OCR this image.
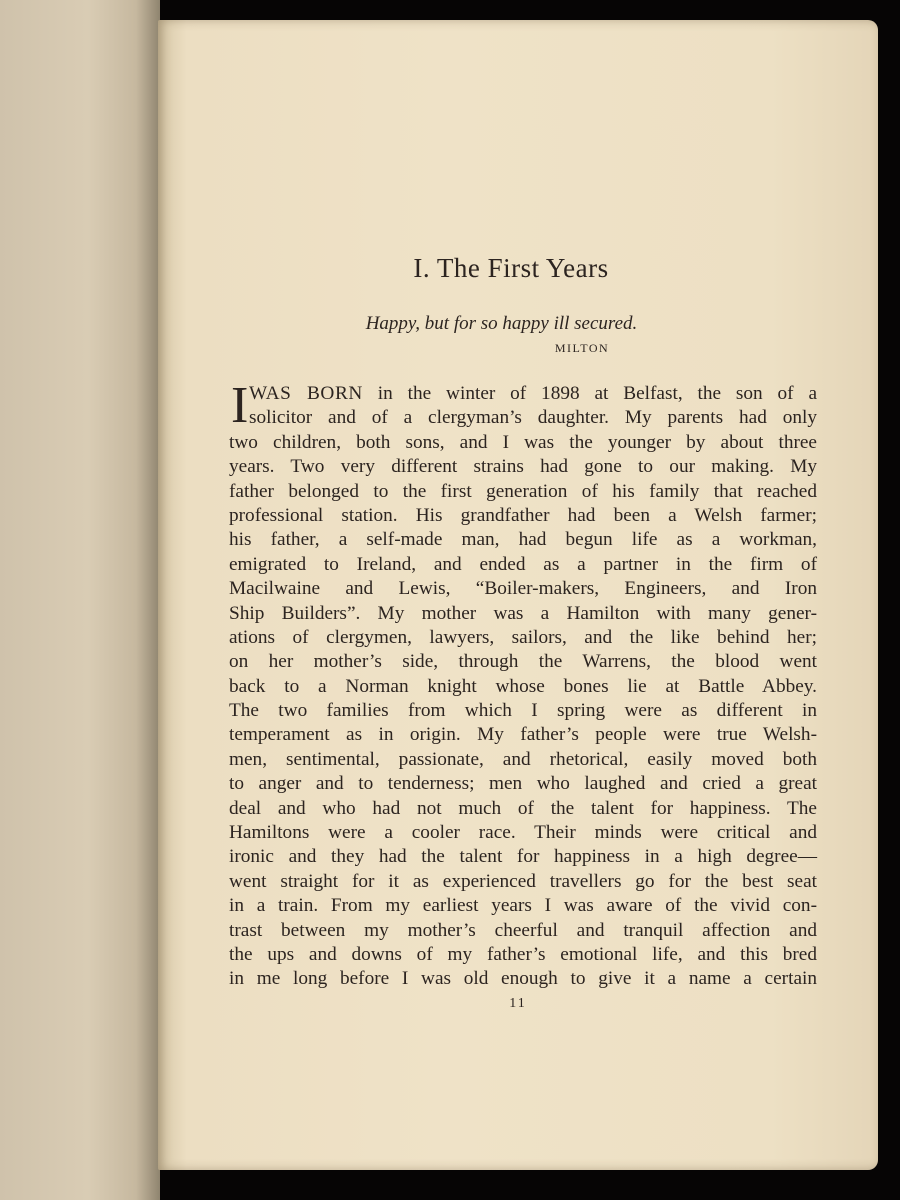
I. The First Years
Happy, but for so happy ill secured.
MILTON
I WAS BORN in the winter of 1898 at Belfast, the son of a
solicitor and of a clergyman’s daughter. My parents had only
two children, both sons, and I was the younger by about three
years. Two very different strains had gone to our making. My
father belonged to the first generation of his family that reached
professional station. His grandfather had been a Welsh farmer;
his father, a self-made man, had begun life as a workman,
emigrated to Ireland, and ended as a partner in the firm of
Macilwaine and Lewis, “Boiler-makers, Engineers, and Iron
Ship Builders”. My mother was a Hamilton with many gener-
ations of clergymen, lawyers, sailors, and the like behind her;
on her mother’s side, through the Warrens, the blood went
back to a Norman knight whose bones lie at Battle Abbey.
The two families from which I spring were as different in
temperament as in origin. My father’s people were true Welsh-
men, sentimental, passionate, and rhetorical, easily moved both
to anger and to tenderness; men who laughed and cried a great
deal and who had not much of the talent for happiness. The
Hamiltons were a cooler race. Their minds were critical and
ironic and they had the talent for happiness in a high degree—
went straight for it as experienced travellers go for the best seat
in a train. From my earliest years I was aware of the vivid con-
trast between my mother’s cheerful and tranquil affection and
the ups and downs of my father’s emotional life, and this bred
in me long before I was old enough to give it a name a certain
11
